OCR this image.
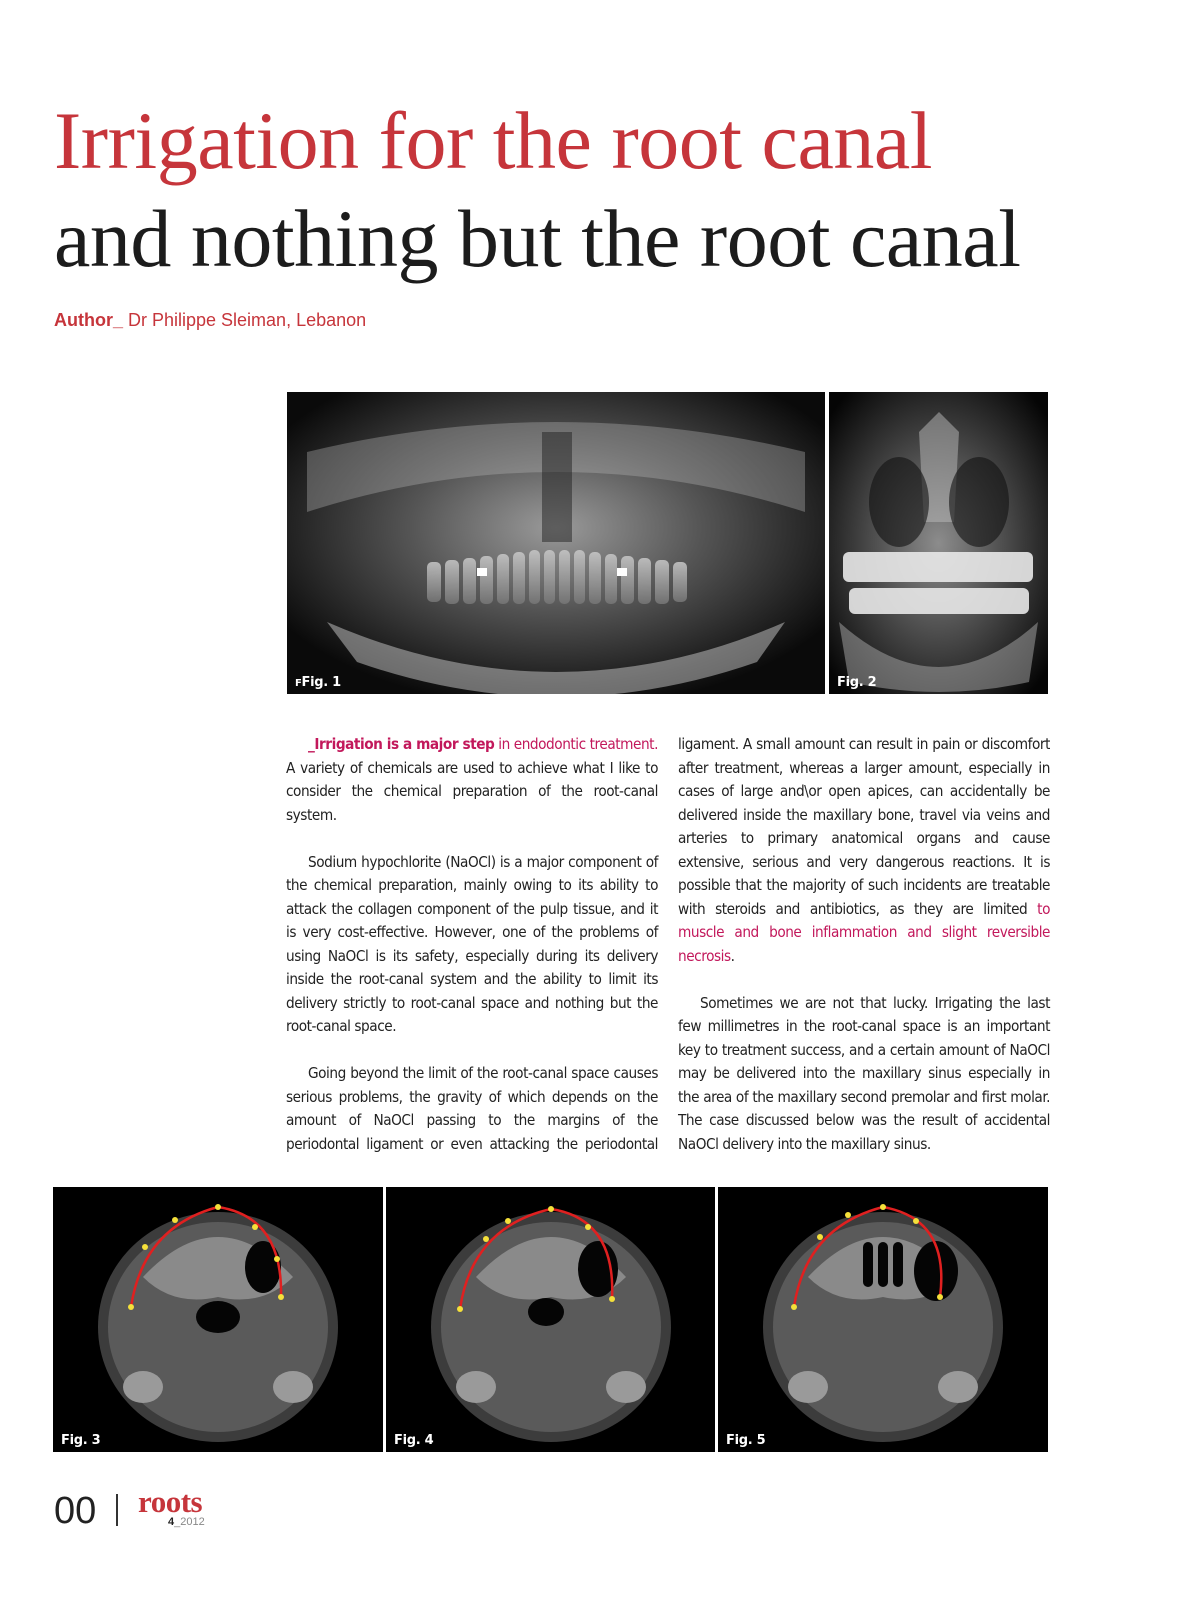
Irrigation for the root canal
and nothing but the root canal
Author_ Dr Philippe Sleiman, Lebanon
FFig. 1	Fig. 2

_Irrigation is a major step in endodontic treatment. A variety of chemicals are used to achieve what I like to consider the chemical preparation of the root-canal system.

Sodium hypochlorite (NaOCl) is a major component of the chemical preparation, mainly owing to its ability to attack the collagen component of the pulp tissue, and it is very cost-effective. However, one of the problems of using NaOCl is its safety, especially during its delivery inside the root-canal system and the ability to limit its delivery strictly to root-canal space and nothing but the root-canal space.

Going beyond the limit of the root-canal space causes serious problems, the gravity of which depends on the amount of NaOCl passing to the margins of the periodontal ligament or even attacking the periodontal

ligament. A small amount can result in pain or discomfort after treatment, whereas a larger amount, especially in cases of large and\or open apices, can accidentally be delivered inside the maxillary bone, travel via veins and arteries to primary anatomical organs and cause extensive, serious and very dangerous reactions. It is possible that the majority of such incidents are treatable with steroids and antibiotics, as they are limited to muscle and bone inflammation and slight reversible necrosis.

Sometimes we are not that lucky. Irrigating the last few millimetres in the root-canal space is an important key to treatment success, and a certain amount of NaOCl may be delivered into the maxillary sinus especially in the area of the maxillary second premolar and first molar. The case discussed below was the result of accidental NaOCl delivery into the maxillary sinus.

Fig. 3	Fig. 4	Fig. 5
00 roots
4_2012
